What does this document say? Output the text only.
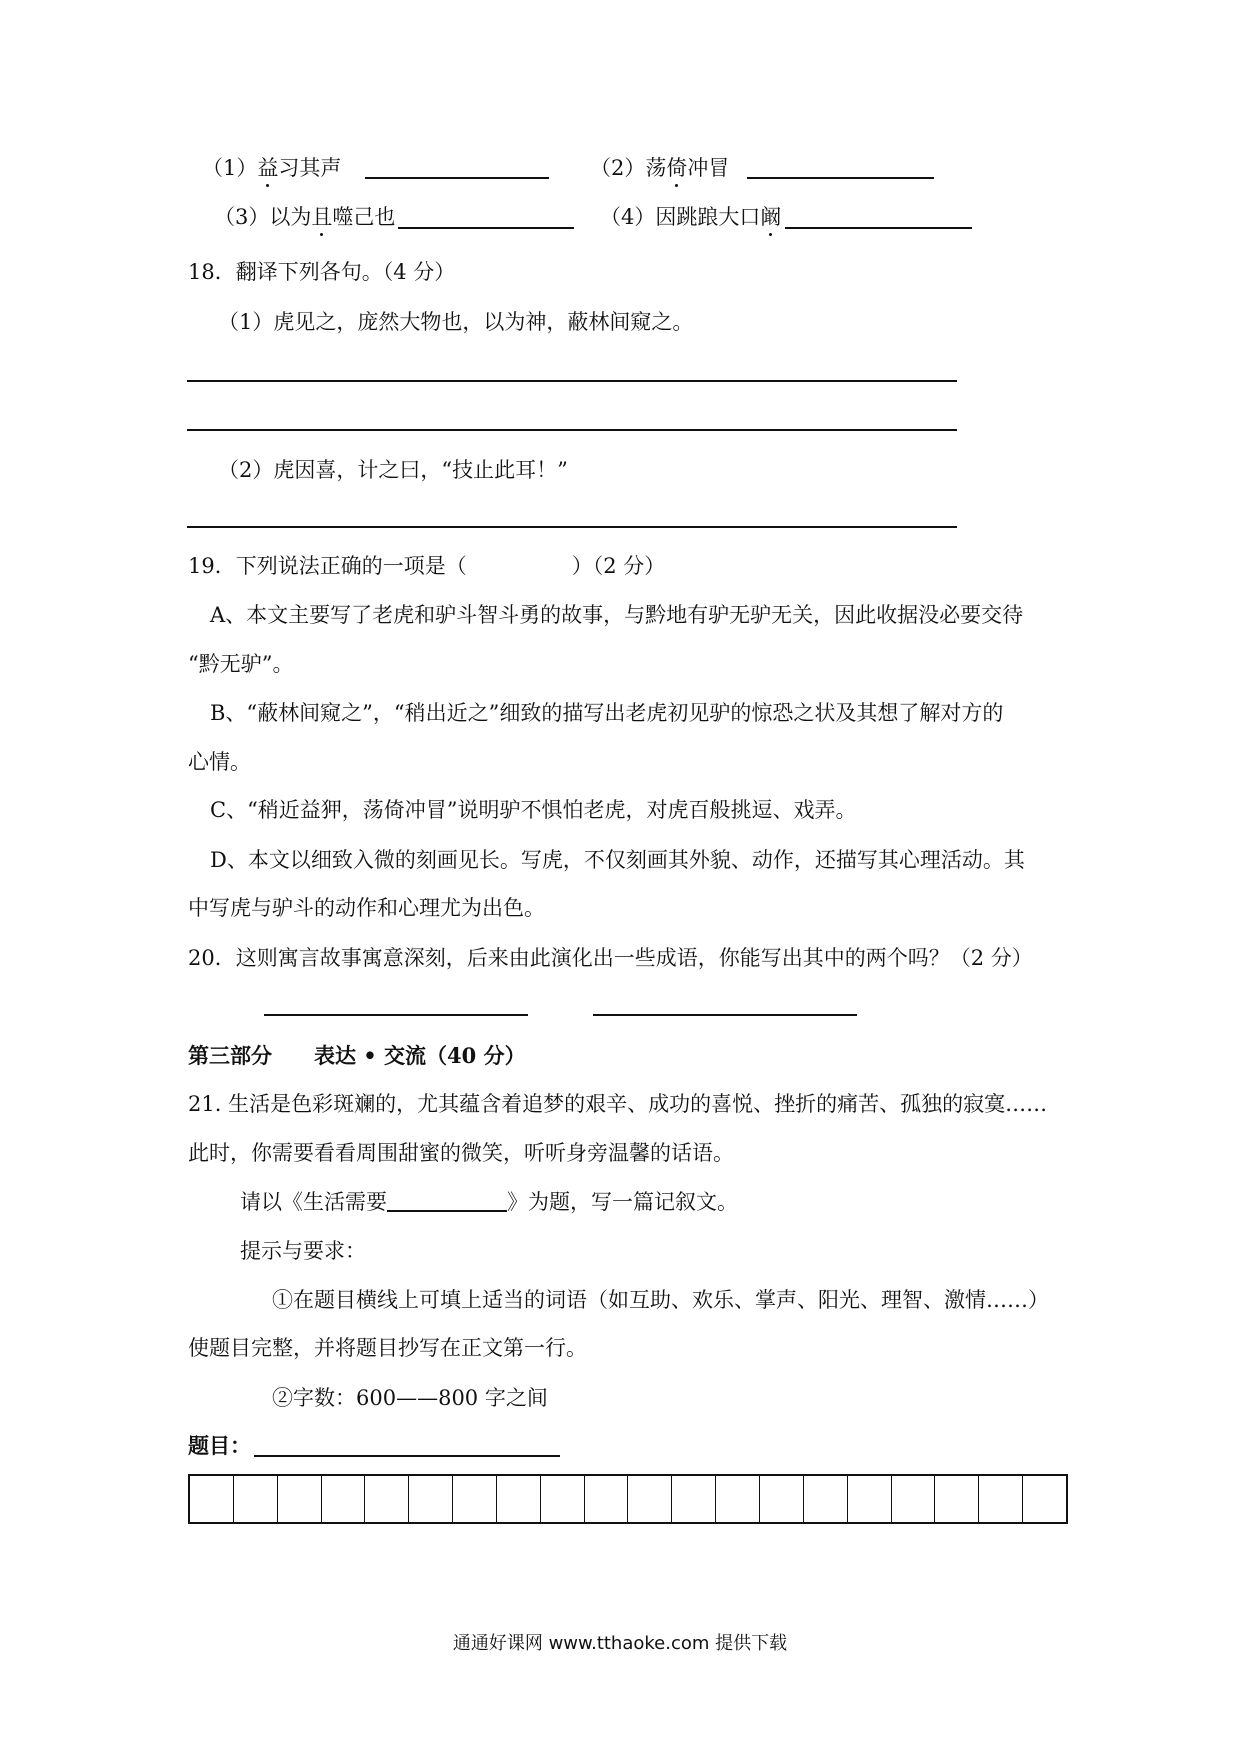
（1）益习其声	（2）荡倚冲冒
（3）以为且噬己也	（4）因跳踉大口阚
18．翻译下列各句。（4 分）
（1）虎见之，庞然大物也，以为神，蔽林间窥之。
（2）虎因喜，计之曰，“技止此耳！”
19．下列说法正确的一项是（　　　　　）（2 分）
A、本文主要写了老虎和驴斗智斗勇的故事，与黔地有驴无驴无关，因此收据没必要交待
“黔无驴”。
B、“蔽林间窥之”，“稍出近之”细致的描写出老虎初见驴的惊恐之状及其想了解对方的
心情。
C、“稍近益狎，荡倚冲冒”说明驴不惧怕老虎，对虎百般挑逗、戏弄。
D、本文以细致入微的刻画见长。写虎，不仅刻画其外貌、动作，还描写其心理活动。其
中写虎与驴斗的动作和心理尤为出色。
20．这则寓言故事寓意深刻，后来由此演化出一些成语，你能写出其中的两个吗？（2 分）
第三部分　　表达 • 交流（40 分）
21. 生活是色彩斑斓的，尤其蕴含着追梦的艰辛、成功的喜悦、挫折的痛苦、孤独的寂寞……
此时，你需要看看周围甜蜜的微笑，听听身旁温馨的话语。
请以《生活需要	》为题，写一篇记叙文。
提示与要求：
①在题目横线上可填上适当的词语（如互助、欢乐、掌声、阳光、理智、激情……）
使题目完整，并将题目抄写在正文第一行。
②字数：600——800 字之间
题目：
通通好课网 www.tthaoke.com 提供下载
